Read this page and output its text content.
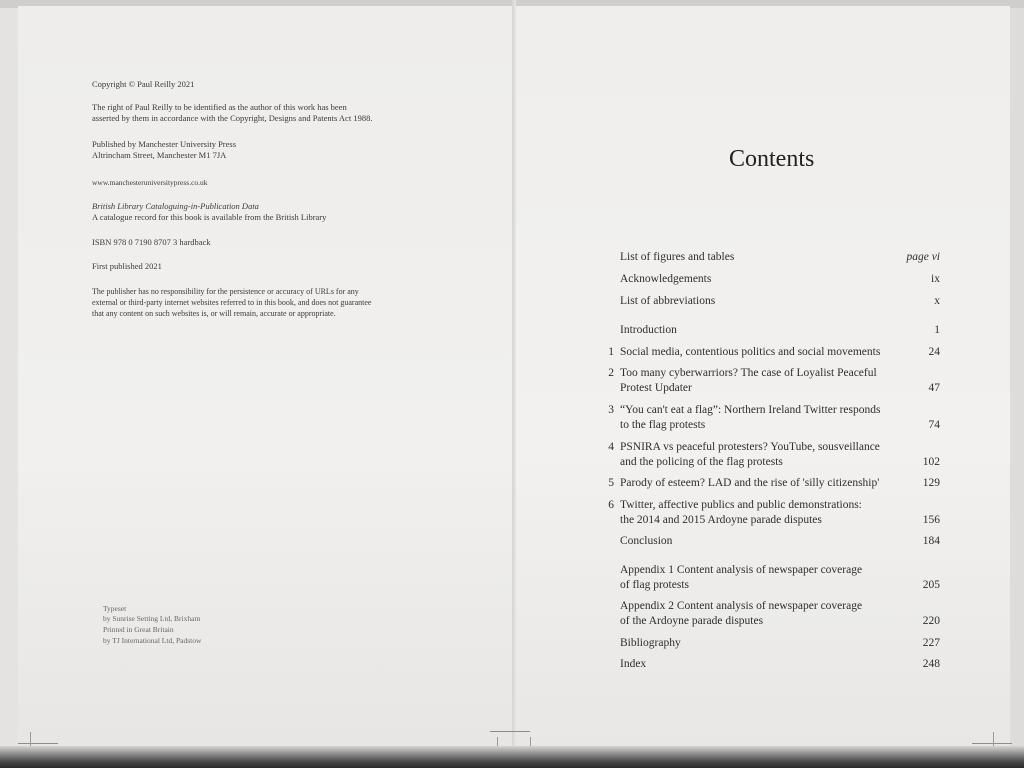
Copyright © Paul Reilly 2021
The right of Paul Reilly to be identified as the author of this work has been
asserted by them in accordance with the Copyright, Designs and Patents Act 1988.
Published by Manchester University Press
Altrincham Street, Manchester M1 7JA
www.manchesteruniversitypress.co.uk
British Library Cataloguing-in-Publication Data
A catalogue record for this book is available from the British Library
ISBN 978 0 7190 8707 3 hardback
First published 2021
The publisher has no responsibility for the persistence or accuracy of URLs for any
external or third-party internet websites referred to in this book, and does not guarantee
that any content on such websites is, or will remain, accurate or appropriate.
Typeset
by Sunrise Setting Ltd, Brixham
Printed in Great Britain
by TJ International Ltd, Padstow
Contents
List of figures and tables	page vi
Acknowledgements	ix
List of abbreviations	x
Introduction	1
1 Social media, contentious politics and social movements	24
2 Too many cyberwarriors? The case of Loyalist Peaceful
Protest Updater	47
3 “You can't eat a flag”: Northern Ireland Twitter responds
to the flag protests	74
4 PSNIRA vs peaceful protesters? YouTube, sousveillance
and the policing of the flag protests	102
5 Parody of esteem? LAD and the rise of 'silly citizenship'	129
6 Twitter, affective publics and public demonstrations:
the 2014 and 2015 Ardoyne parade disputes	156
Conclusion	184
Appendix 1 Content analysis of newspaper coverage
of flag protests	205
Appendix 2 Content analysis of newspaper coverage
of the Ardoyne parade disputes	220
Bibliography	227
Index	248
